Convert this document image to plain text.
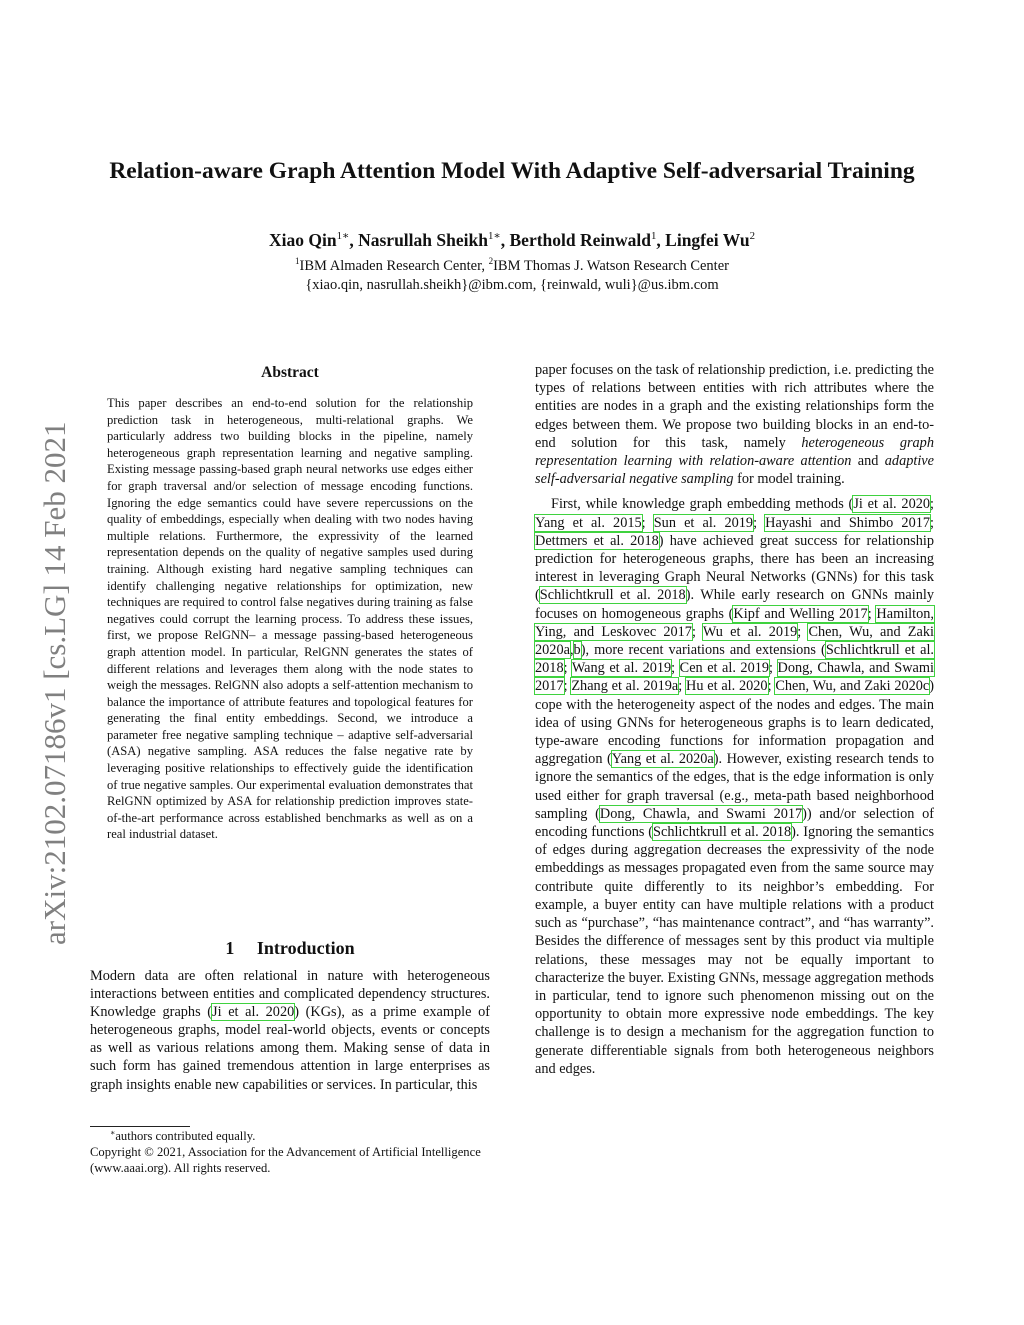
arXiv:2102.07186v1 [cs.LG] 14 Feb 2021
Relation-aware Graph Attention Model With Adaptive Self-adversarial Training
Xiao Qin$^{1∗}$, Nasrullah Sheikh$^{1∗}$, Berthold Reinwald$^1$, Lingfei Wu$^2$
$^1$IBM Almaden Research Center, $^2$IBM Thomas J. Watson Research Center
{xiao.qin, nasrullah.sheikh}@ibm.com, {reinwald, wuli}@us.ibm.com
Abstract
This paper describes an end-to-end solution for the relationship prediction task in heterogeneous, multi-relational graphs. We particularly address two building blocks in the pipeline, namely heterogeneous graph representation learning and negative sampling. Existing message passing-based graph neural networks use edges either for graph traversal and/or selection of message encoding functions. Ignoring the edge semantics could have severe repercussions on the quality of embeddings, especially when dealing with two nodes having multiple relations. Furthermore, the expressivity of the learned representation depends on the quality of negative samples used during training. Although existing hard negative sampling techniques can identify challenging negative relationships for optimization, new techniques are required to control false negatives during training as false negatives could corrupt the learning process. To address these issues, first, we propose RelGNN– a message passing-based heterogeneous graph attention model. In particular, RelGNN generates the states of different relations and leverages them along with the node states to weigh the messages. RelGNN also adopts a self-attention mechanism to balance the importance of attribute features and topological features for generating the final entity embeddings. Second, we introduce a parameter free negative sampling technique – adaptive self-adversarial (ASA) negative sampling. ASA reduces the false negative rate by leveraging positive relationships to effectively guide the identification of true negative samples. Our experimental evaluation demonstrates that RelGNN optimized by ASA for relationship prediction improves state-of-the-art performance across established benchmarks as well as on a real industrial dataset.
1     Introduction
Modern data are often relational in nature with heterogeneous interactions between entities and complicated dependency structures. Knowledge graphs (Ji et al. 2020) (KGs), as a prime example of heterogeneous graphs, model real-world objects, events or concepts as well as various relations among them. Making sense of data in such form has gained tremendous attention in large enterprises as graph insights enable new capabilities or services. In particular, this
∗authors contributed equally.
Copyright © 2021, Association for the Advancement of Artificial Intelligence (www.aaai.org). All rights reserved.

paper focuses on the task of relationship prediction, i.e. predicting the types of relations between entities with rich attributes where the entities are nodes in a graph and the existing relationships form the edges between them. We propose two building blocks in an end-to-end solution for this task, namely heterogeneous graph representation learning with relation-aware attention and adaptive self-adversarial negative sampling for model training.

First, while knowledge graph embedding methods (Ji et al. 2020; Yang et al. 2015; Sun et al. 2019; Hayashi and Shimbo 2017; Dettmers et al. 2018) have achieved great success for relationship prediction for heterogeneous graphs, there has been an increasing interest in leveraging Graph Neural Networks (GNNs) for this task (Schlichtkrull et al. 2018). While early research on GNNs mainly focuses on homogeneous graphs (Kipf and Welling 2017; Hamilton, Ying, and Leskovec 2017; Wu et al. 2019; Chen, Wu, and Zaki 2020a,b), more recent variations and extensions (Schlichtkrull et al. 2018; Wang et al. 2019; Cen et al. 2019; Dong, Chawla, and Swami 2017; Zhang et al. 2019a; Hu et al. 2020; Chen, Wu, and Zaki 2020c) cope with the heterogeneity aspect of the nodes and edges. The main idea of using GNNs for heterogeneous graphs is to learn dedicated, type-aware encoding functions for information propagation and aggregation (Yang et al. 2020a). However, existing research tends to ignore the semantics of the edges, that is the edge information is only used either for graph traversal (e.g., meta-path based neighborhood sampling (Dong, Chawla, and Swami 2017)) and/or selection of encoding functions (Schlichtkrull et al. 2018). Ignoring the semantics of edges during aggregation decreases the expressivity of the node embeddings as messages propagated even from the same source may contribute quite differently to its neighbor’s embedding. For example, a buyer entity can have multiple relations with a product such as “purchase”, “has maintenance contract”, and “has warranty”. Besides the difference of messages sent by this product via multiple relations, these messages may not be equally important to characterize the buyer. Existing GNNs, message aggregation methods in particular, tend to ignore such phenomenon missing out on the opportunity to obtain more expressive node embeddings. The key challenge is to design a mechanism for the aggregation function to generate differentiable signals from both heterogeneous neighbors and edges.
